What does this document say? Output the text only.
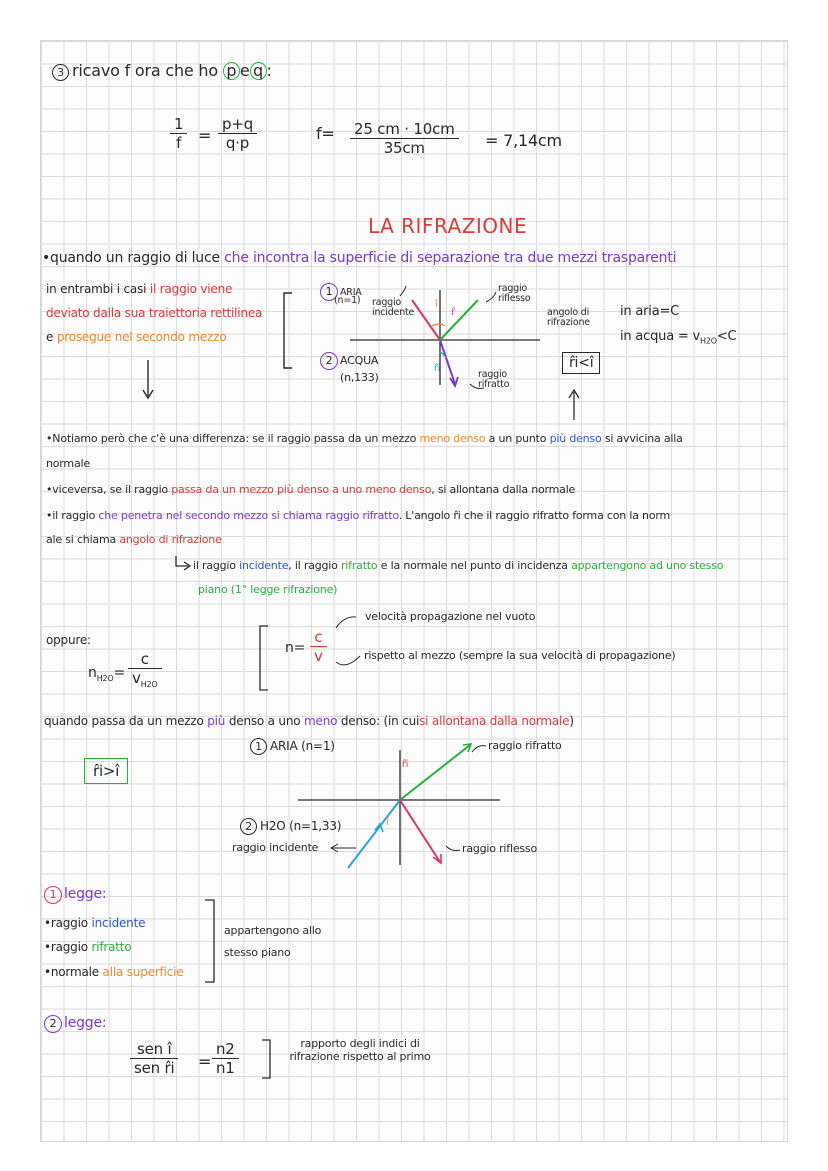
3 ricavo f ora che ho p e q :
$\frac{1}{f} = \frac{p+q}{q\cdot p}$	$f= \frac{25 cm \cdot 10cm}{35cm} = 7,14cm$
LA RIFRAZIONE
•quando un raggio di luce che incontra la superficie di separazione tra due mezzi trasparenti
in entrambi i casi il raggio viene
deviato dalla sua traiettoria rettilinea
e prosegue nel secondo mezzo
1 ARIA
(n=1) raggio incidente
raggio riflesso
î
r̂
r̂i
angolo di rifrazione
raggio rifratto
2 ACQUA
(n,133)
in aria=C
in acqua = $v_{H2O}<C$
r̂i<î
•Notiamo però che c'è una differenza: se il raggio passa da un mezzo meno denso a un punto più denso si avvicina alla
normale
•viceversa, se il raggio passa da un mezzo più denso a uno meno denso, si allontana dalla normale
•il raggio che penetra nel secondo mezzo si chiama raggio rifratto. L'angolo r̂i che il raggio rifratto forma con la norm
ale si chiama angolo di rifrazione
il raggio incidente, il raggio rifratto e la normale nel punto di incidenza appartengono ad uno stesso
piano (1° legge rifrazione)
oppure:
$n_{H2O}= \frac{c}{v_{H2O}}$
$n= \frac{c}{v}$
velocità propagazione nel vuoto
rispetto al mezzo (sempre la sua velocità di propagazione)
quando passa da un mezzo più denso a uno meno denso: (in cuisi allontana dalla normale)
r̂i>î
1 ARIA (n=1)
r̂i
î
raggio rifratto
2 H2O (n=1,33)
raggio incidente	raggio riflesso
1 legge:
•raggio incidente
•raggio rifratto
•normale alla superficie
appartengono allo stesso piano
2 legge:
sen î
sen r̂i = $\frac{n2}{n1}$	rapporto degli indici di rifrazione rispetto al primo
